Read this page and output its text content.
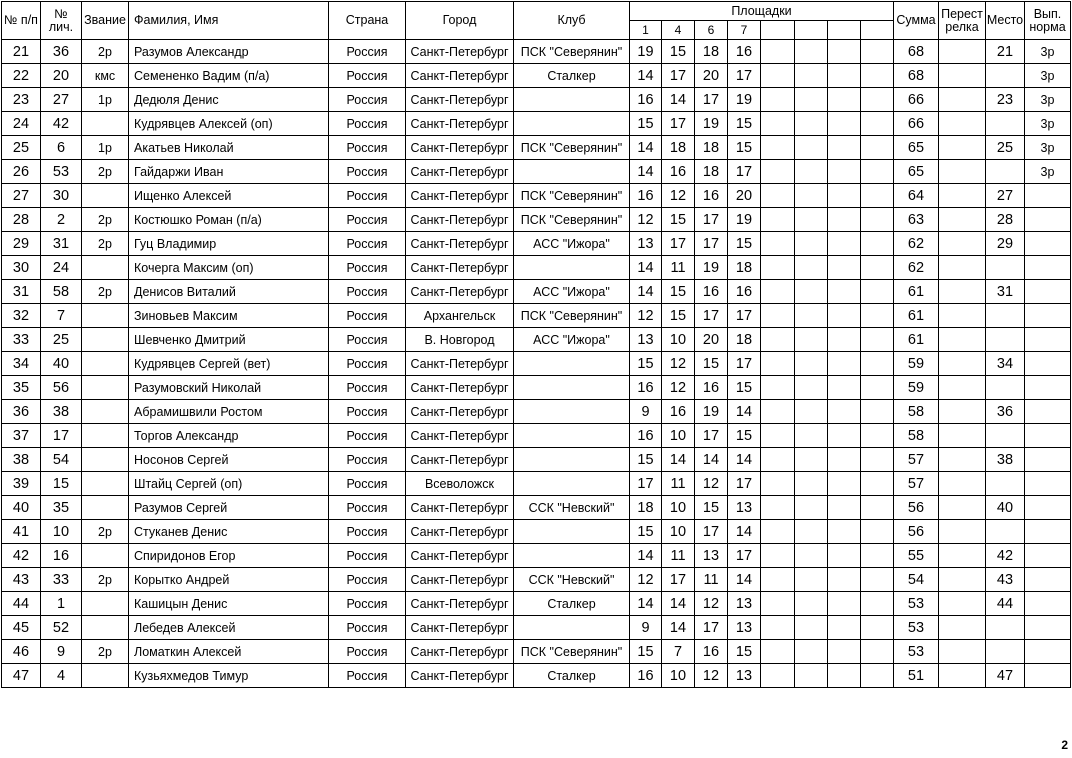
№ п/п	№ лич.	Звание	Фамилия, Имя	Страна	Город	Клуб	Площадки								Сумма	Перест релка	Место	Вып. норма
							1	4	6	7								
21	36	2р	Разумов Александр	Россия	Санкт-Петербург	ПСК "Северянин"	19	15	18	16					68		21	3р
22	20	кмс	Семененко Вадим (п/а)	Россия	Санкт-Петербург	Сталкер	14	17	20	17					68			3р
23	27	1р	Дедюля Денис	Россия	Санкт-Петербург		16	14	17	19					66		23	3р
24	42		Кудрявцев Алексей (оп)	Россия	Санкт-Петербург		15	17	19	15					66			3р
25	6	1р	Акатьев Николай	Россия	Санкт-Петербург	ПСК "Северянин"	14	18	18	15					65		25	3р
26	53	2р	Гайдаржи Иван	Россия	Санкт-Петербург		14	16	18	17					65			3р
27	30		Ищенко Алексей	Россия	Санкт-Петербург	ПСК "Северянин"	16	12	16	20					64		27	
28	2	2р	Костюшко Роман (п/а)	Россия	Санкт-Петербург	ПСК "Северянин"	12	15	17	19					63		28	
29	31	2р	Гуц Владимир	Россия	Санкт-Петербург	АСС "Ижора"	13	17	17	15					62		29	
30	24		Кочерга Максим (оп)	Россия	Санкт-Петербург		14	11	19	18					62			
31	58	2р	Денисов Виталий	Россия	Санкт-Петербург	АСС "Ижора"	14	15	16	16					61		31	
32	7		Зиновьев Максим	Россия	Архангельск	ПСК "Северянин"	12	15	17	17					61			
33	25		Шевченко Дмитрий	Россия	В. Новгород	АСС "Ижора"	13	10	20	18					61			
34	40		Кудрявцев Сергей (вет)	Россия	Санкт-Петербург		15	12	15	17					59		34	
35	56		Разумовский Николай	Россия	Санкт-Петербург		16	12	16	15					59			
36	38		Абрамишвили Ростом	Россия	Санкт-Петербург		9	16	19	14					58		36	
37	17		Торгов Александр	Россия	Санкт-Петербург		16	10	17	15					58			
38	54		Носонов Сергей	Россия	Санкт-Петербург		15	14	14	14					57		38	
39	15		Штайц Сергей (оп)	Россия	Всеволожск		17	11	12	17					57			
40	35		Разумов Сергей	Россия	Санкт-Петербург	ССК "Невский"	18	10	15	13					56		40	
41	10	2р	Стуканев Денис	Россия	Санкт-Петербург		15	10	17	14					56			
42	16		Спиридонов Егор	Россия	Санкт-Петербург		14	11	13	17					55		42	
43	33	2р	Корытко Андрей	Россия	Санкт-Петербург	ССК "Невский"	12	17	11	14					54		43	
44	1		Кашицын Денис	Россия	Санкт-Петербург	Сталкер	14	14	12	13					53		44	
45	52		Лебедев Алексей	Россия	Санкт-Петербург		9	14	17	13					53			
46	9	2р	Ломаткин Алексей	Россия	Санкт-Петербург	ПСК "Северянин"	15	7	16	15					53			
47	4		Кузьяхмедов Тимур	Россия	Санкт-Петербург	Сталкер	16	10	12	13					51		47	
2
